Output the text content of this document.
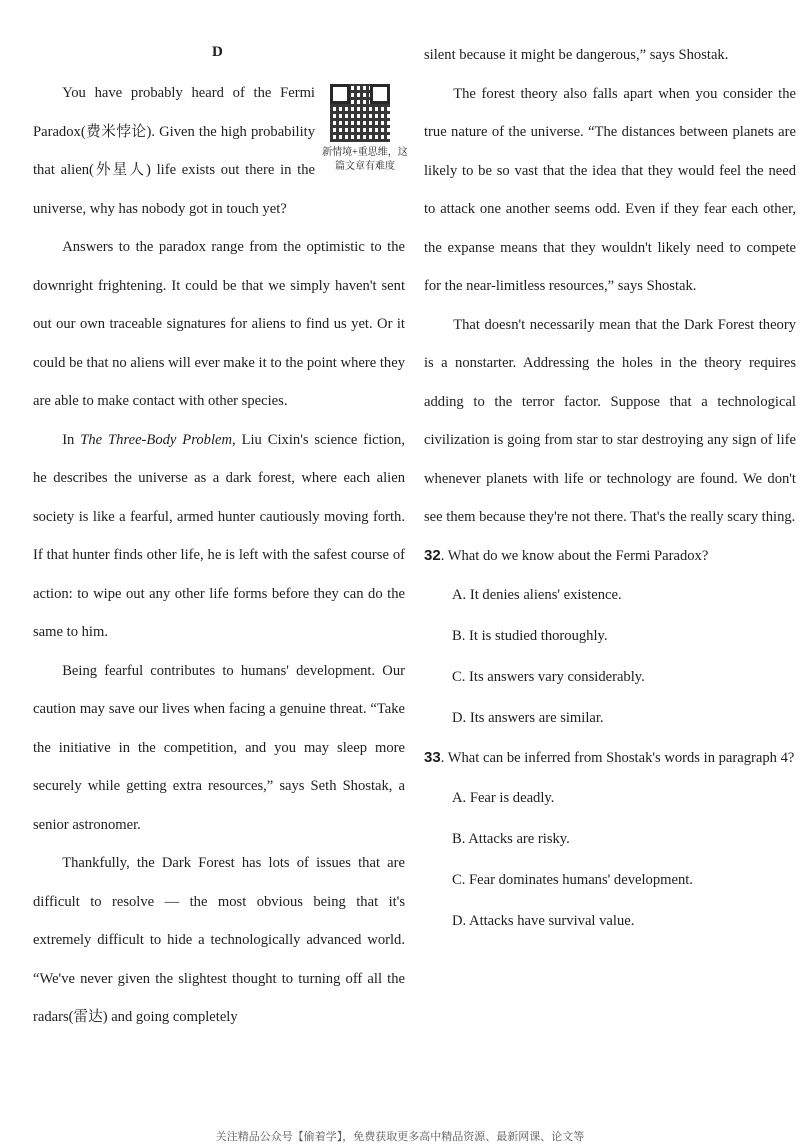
D
新情境+重思维，这篇文章有难度

You have probably heard of the Fermi Paradox(费米悖论). Given the high probability that alien(外星人) life exists out there in the universe, why has nobody got in touch yet?

Answers to the paradox range from the optimistic to the downright frightening. It could be that we simply haven't sent out our own traceable signatures for aliens to find us yet. Or it could be that no aliens will ever make it to the point where they are able to make contact with other species.

In The Three-Body Problem, Liu Cixin's science fiction, he describes the universe as a dark forest, where each alien society is like a fearful, armed hunter cautiously moving forth. If that hunter finds other life, he is left with the safest course of action: to wipe out any other life forms before they can do the same to him.

Being fearful contributes to humans' development. Our caution may save our lives when facing a genuine threat. “Take the initiative in the competition, and you may sleep more securely while getting extra resources,” says Seth Shostak, a senior astronomer.

Thankfully, the Dark Forest has lots of issues that are difficult to resolve — the most obvious being that it's extremely difficult to hide a technologically advanced world. “We've never given the slightest thought to turning off all the radars(雷达) and going completely

silent because it might be dangerous,” says Shostak.

The forest theory also falls apart when you consider the true nature of the universe. “The distances between planets are likely to be so vast that the idea that they would feel the need to attack one another seems odd. Even if they fear each other, the expanse means that they wouldn't likely need to compete for the near-limitless resources,” says Shostak.

That doesn't necessarily mean that the Dark Forest theory is a nonstarter. Addressing the holes in the theory requires adding to the terror factor. Suppose that a technological civilization is going from star to star destroying any sign of life whenever planets with life or technology are found. We don't see them because they're not there. That's the really scary thing.

32. What do we know about the Fermi Paradox?

A. It denies aliens' existence.

B. It is studied thoroughly.

C. Its answers vary considerably.

D. Its answers are similar.

33. What can be inferred from Shostak's words in paragraph 4?

A. Fear is deadly.

B. Attacks are risky.

C. Fear dominates humans' development.

D. Attacks have survival value.

关注精品公众号【偷着学】，免费获取更多高中精品资源、最新网课、论文等
